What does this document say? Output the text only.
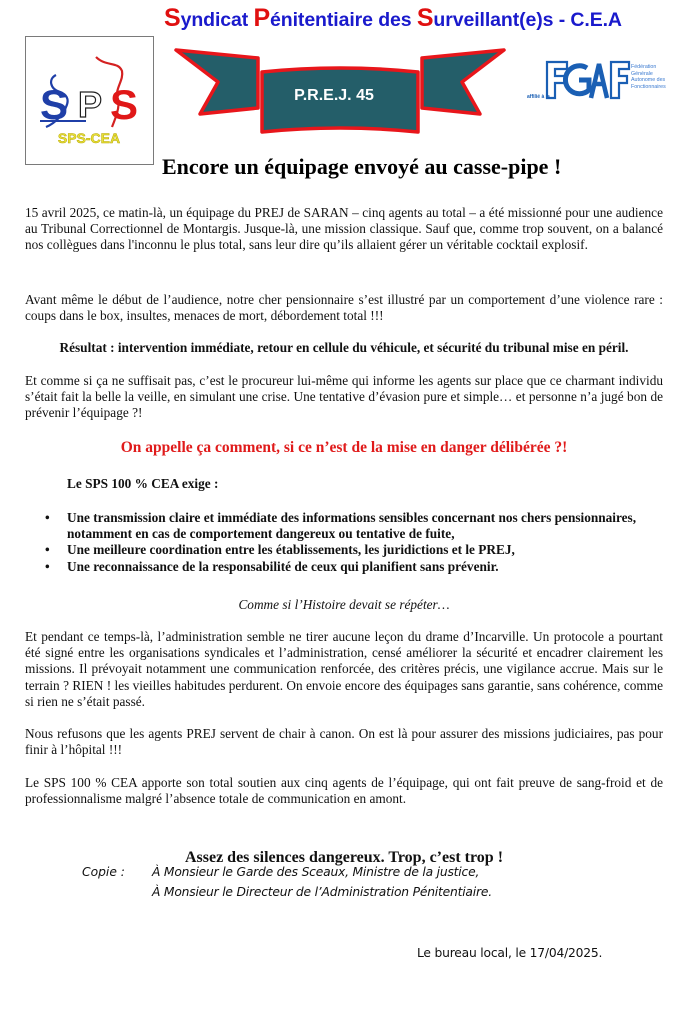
Syndicat Pénitentiaire des Surveillant(e)s - C.E.A
S P S
SPS-CEA
P.R.E.J. 45	affilié à la
Fédération
Générale
Autonome des
Fonctionnaires
Encore un équipage envoyé au casse-pipe !

15 avril 2025, ce matin-là, un équipage du PREJ de SARAN – cinq agents au total – a été missionné pour une audience au Tribunal Correctionnel de Montargis. Jusque-là, une mission classique. Sauf que, comme trop souvent, on a balancé nos collègues dans l'inconnu le plus total, sans leur dire qu’ils allaient gérer un véritable cocktail explosif.

Avant même le début de l’audience, notre cher pensionnaire s’est illustré par un comportement d’une violence rare : coups dans le box, insultes, menaces de mort, débordement total !!!

Résultat : intervention immédiate, retour en cellule du véhicule, et sécurité du tribunal mise en péril.

Et comme si ça ne suffisait pas, c’est le procureur lui-même qui informe les agents sur place que ce charmant individu s’était fait la belle la veille, en simulant une crise. Une tentative d’évasion pure et simple… et personne n’a jugé bon de prévenir l’équipage ?!

On appelle ça comment, si ce n’est de la mise en danger délibérée ?!

Le SPS 100 % CEA exige :

• Une transmission claire et immédiate des informations sensibles concernant nos chers pensionnaires, notamment en cas de comportement dangereux ou tentative de fuite,
• Une meilleure coordination entre les établissements, les juridictions et le PREJ,
• Une reconnaissance de la responsabilité de ceux qui planifient sans prévenir.

Comme si l’Histoire devait se répéter…

Et pendant ce temps-là, l’administration semble ne tirer aucune leçon du drame d’Incarville. Un protocole a pourtant été signé entre les organisations syndicales et l’administration, censé améliorer la sécurité et encadrer clairement les missions. Il prévoyait notamment une communication renforcée, des critères précis, une vigilance accrue. Mais sur le terrain ? RIEN ! les vieilles habitudes perdurent. On envoie encore des équipages sans garantie, sans cohérence, comme si rien ne s’était passé.

Nous refusons que les agents PREJ servent de chair à canon. On est là pour assurer des missions judiciaires, pas pour finir à l’hôpital !!!

Le SPS 100 % CEA apporte son total soutien aux cinq agents de l’équipage, qui ont fait preuve de sang-froid et de professionnalisme malgré l’absence totale de communication en amont.

Assez des silences dangereux. Trop, c’est trop !
Copie : À Monsieur le Garde des Sceaux, Ministre de la justice,
À Monsieur le Directeur de l’Administration Pénitentiaire.
Le bureau local, le 17/04/2025.
